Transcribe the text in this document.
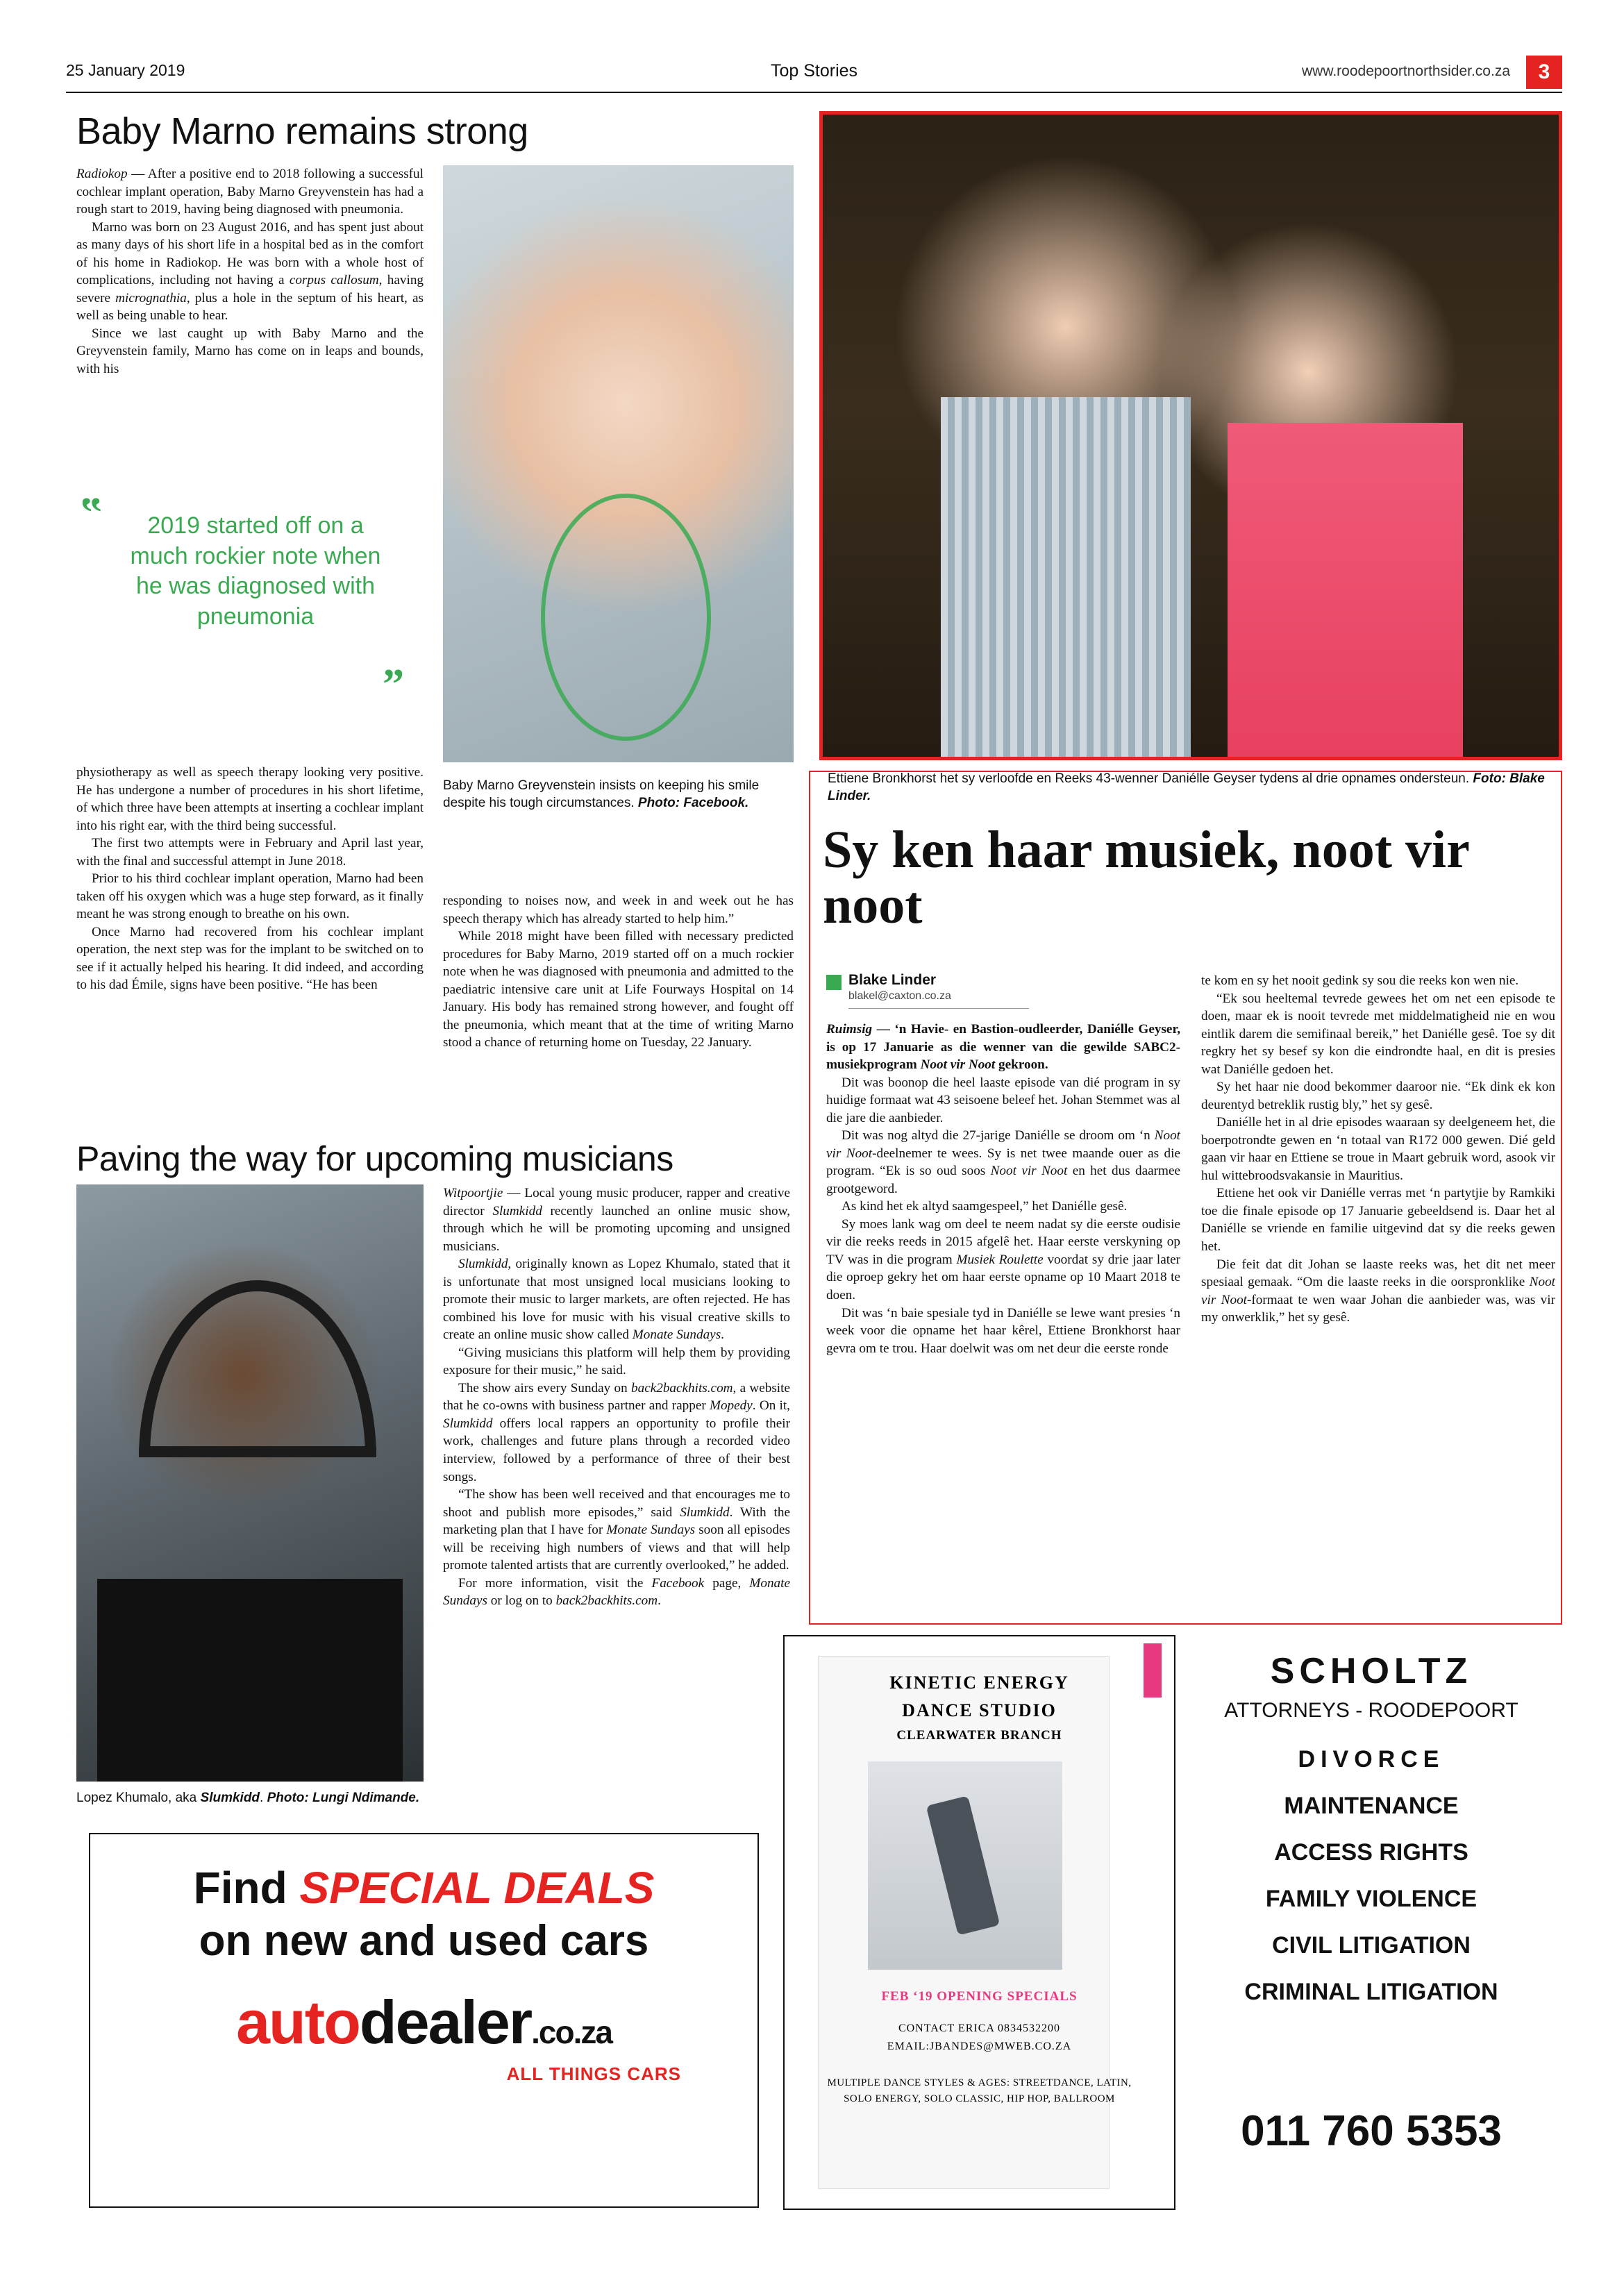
25 January 2019	Top Stories	www.roodepoortnorthsider.co.za	3
Baby Marno remains strong

Radiokop — After a positive end to 2018 following a successful cochlear implant operation, Baby Marno Greyvenstein has had a rough start to 2019, having being diagnosed with pneumonia.

Marno was born on 23 August 2016, and has spent just about as many days of his short life in a hospital bed as in the comfort of his home in Radiokop. He was born with a whole host of complications, including not having a corpus callosum, having severe micrognathia, plus a hole in the septum of his heart, as well as being unable to hear.

Since we last caught up with Baby Marno and the Greyvenstein family, Marno has come on in leaps and bounds, with his

”	2019 started off on a much rockier note when he was diagnosed with pneumonia
”

physiotherapy as well as speech therapy looking very positive. He has undergone a number of procedures in his short lifetime, of which three have been attempts at inserting a cochlear implant into his right ear, with the third being successful.

The first two attempts were in February and April last year, with the final and successful attempt in June 2018.

Prior to his third cochlear implant operation, Marno had been taken off his oxygen which was a huge step forward, as it finally meant he was strong enough to breathe on his own.

Once Marno had recovered from his cochlear implant operation, the next step was for the implant to be switched on to see if it actually helped his hearing. It did indeed, and according to his dad Émile, signs have been positive. “He has been

Baby Marno Greyvenstein insists on keeping his smile despite his tough circumstances. Photo: Facebook.

responding to noises now, and week in and week out he has speech therapy which has already started to help him.”

While 2018 might have been filled with necessary predicted procedures for Baby Marno, 2019 started off on a much rockier note when he was diagnosed with pneumonia and admitted to the paediatric intensive care unit at Life Fourways Hospital on 14 January. His body has remained strong however, and fought off the pneumonia, which meant that at the time of writing Marno stood a chance of returning home on Tuesday, 22 January.

Ettiene Bronkhorst het sy verloofde en Reeks 43-wenner Daniélle Geyser tydens al drie opnames ondersteun. Foto: Blake Linder.
Sy ken haar musiek, noot vir noot
Blake Linder
blakel@caxton.co.za

Ruimsig — ‘n Havie- en Bastion-oudleerder, Daniélle Geyser, is op 17 Januarie as die wenner van die gewilde SABC2-musiekprogram Noot vir Noot gekroon.

Dit was boonop die heel laaste episode van dié program in sy huidige formaat wat 43 seisoene beleef het. Johan Stemmet was al die jare die aanbieder.

Dit was nog altyd die 27-jarige Daniélle se droom om ‘n Noot vir Noot-deelnemer te wees. Sy is net twee maande ouer as die program. “Ek is so oud soos Noot vir Noot en het dus daarmee grootgeword.

As kind het ek altyd saamgespeel,” het Daniélle gesê.

Sy moes lank wag om deel te neem nadat sy die eerste oudisie vir die reeks reeds in 2015 afgelê het. Haar eerste verskyning op TV was in die program Musiek Roulette voordat sy drie jaar later die oproep gekry het om haar eerste opname op 10 Maart 2018 te doen.

Dit was ‘n baie spesiale tyd in Daniélle se lewe want presies ‘n week voor die opname het haar kêrel, Ettiene Bronkhorst haar gevra om te trou. Haar doelwit was om net deur die eerste ronde

te kom en sy het nooit gedink sy sou die reeks kon wen nie.

“Ek sou heeltemal tevrede gewees het om net een episode te doen, maar ek is nooit tevrede met middelmatigheid nie en wou eintlik darem die semifinaal bereik,” het Daniélle gesê. Toe sy dit regkry het sy besef sy kon die eindrondte haal, en dit is presies wat Daniélle gedoen het.

Sy het haar nie dood bekommer daaroor nie. “Ek dink ek kon deurentyd betreklik rustig bly,” het sy gesê.

Daniélle het in al drie episodes waaraan sy deelgeneem het, die boerpotrondte gewen en ‘n totaal van R172 000 gewen. Dié geld gaan vir haar en Ettiene se troue in Maart gebruik word, asook vir hul wittebroodsvakansie in Mauritius.

Ettiene het ook vir Daniélle verras met ‘n partytjie by Ramkiki toe die finale episode op 17 Januarie gebeeldsend is. Daar het al Daniélle se vriende en familie uitgevind dat sy die reeks gewen het.

Die feit dat dit Johan se laaste reeks was, het dit net meer spesiaal gemaak. “Om die laaste reeks in die oorspronklike Noot vir Noot-formaat te wen waar Johan die aanbieder was, was vir my onwerklik,” het sy gesê.

Paving the way for upcoming musicians
Lopez Khumalo, aka Slumkidd. Photo: Lungi Ndimande.

Witpoortjie — Local young music producer, rapper and creative director Slumkidd recently launched an online music show, through which he will be promoting upcoming and unsigned musicians.

Slumkidd, originally known as Lopez Khumalo, stated that it is unfortunate that most unsigned local musicians looking to promote their music to larger markets, are often rejected. He has combined his love for music with his visual creative skills to create an online music show called Monate Sundays.

“Giving musicians this platform will help them by providing exposure for their music,” he said.

The show airs every Sunday on back2backhits.com, a website that he co-owns with business partner and rapper Mopedy. On it, Slumkidd offers local rappers an opportunity to profile their work, challenges and future plans through a recorded video interview, followed by a performance of three of their best songs.

“The show has been well received and that encourages me to shoot and publish more episodes,” said Slumkidd. With the marketing plan that I have for Monate Sundays soon all episodes will be receiving high numbers of views and that will help promote talented artists that are currently overlooked,” he added.

For more information, visit the Facebook page, Monate Sundays or log on to back2backhits.com.

Find SPECIAL DEALS
on new and used cars
autodealer.co.za
ALL THINGS CARS
KINETIC ENERGY
DANCE STUDIO
CLEARWATER BRANCH
FEB ‘19 OPENING SPECIALS
CONTACT ERICA 0834532200
EMAIL:JBANDES@MWEB.CO.ZA
MULTIPLE DANCE STYLES & AGES: STREETDANCE, LATIN, SOLO ENERGY, SOLO CLASSIC, HIP HOP, BALLROOM
SCHOLTZ
ATTORNEYS - ROODEPOORT
DIVORCE
MAINTENANCE
ACCESS RIGHTS
FAMILY VIOLENCE
CIVIL LITIGATION
CRIMINAL LITIGATION
011 760 5353
